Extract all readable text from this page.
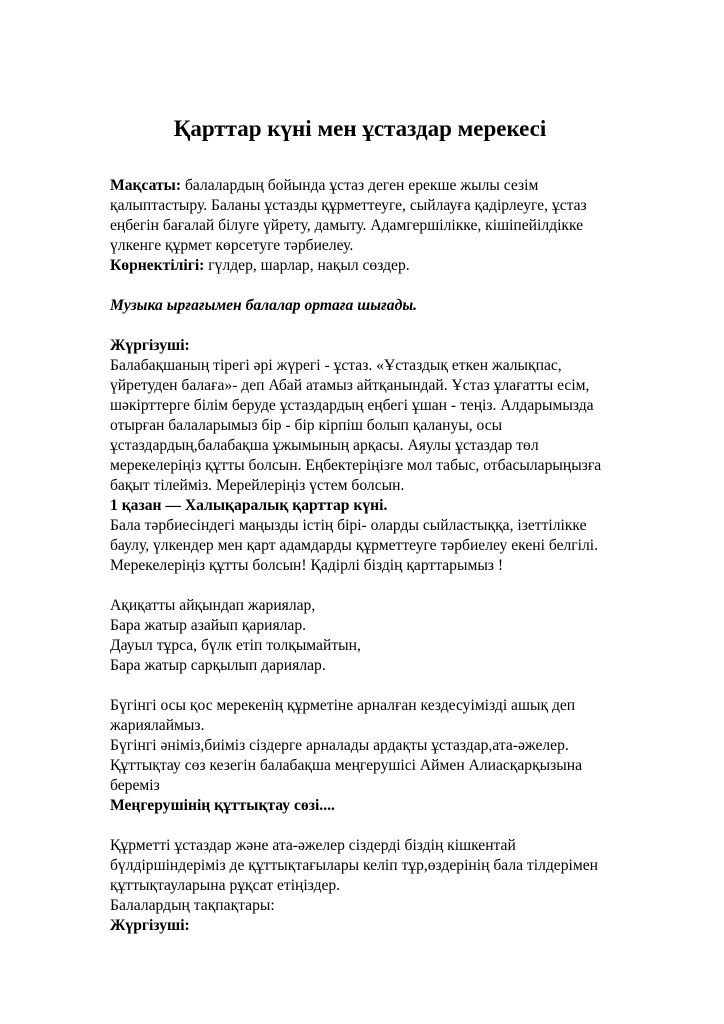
Қарттар күні мен ұстаздар мерекесі
Мақсаты: балалардың бойында ұстаз деген ерекше жылы сезім
қалыптастыру. Баланы ұстазды құрметтеуге, сыйлауға қадірлеуге, ұстаз
еңбегін бағалай білуге үйрету, дамыту. Адамгершілікке, кішіпейілдікке
үлкенге құрмет көрсетуге тәрбиелеу.
Көрнектілігі: гүлдер, шарлар, нақыл сөздер.
Музыка ырғағымен балалар ортаға шығады.
Жүргізуші:
Балабақшаның тірегі әрі жүрегі - ұстаз. «Ұстаздық еткен жалықпас,
үйретуден балаға»- деп Абай атамыз айтқанындай. Ұстаз ұлағатты есім,
шәкірттерге білім беруде ұстаздардың еңбегі ұшан - теңіз. Алдарымызда
отырған балаларымыз бір - бір кірпіш болып қалануы, осы
ұстаздардың,балабақша ұжымының арқасы. Аяулы ұстаздар төл
мерекелеріңіз құтты болсын. Еңбектеріңізге мол табыс, отбасыларыңызға
бақыт тілейміз. Мерейлеріңіз үстем болсын.
1 қазан — Халықаралық қарттар күні.
Бала тәрбиесіндегі маңызды істің бірі- оларды сыйластыққа, ізеттілікке
баулу, үлкендер мен қарт адамдарды құрметтеуге тәрбиелеу екені белгілі.
Мерекелеріңіз құтты болсын! Қадірлі біздің қарттарымыз !
Ақиқатты айқындап жариялар,
Бара жатыр азайып қариялар.
Дауыл тұрса, бүлк етіп толқымайтын,
Бара жатыр сарқылып дариялар.
Бүгінгі осы қос мерекенің құрметіне арналған кездесуімізді ашық деп
жариялаймыз.
Бүгінгі әніміз,биіміз сіздерге арналады ардақты ұстаздар,ата-әжелер.
Құттықтау сөз кезегін балабақша меңгерушісі Аймен Алиасқарқызына
береміз
Меңгерушінің құттықтау сөзі....
Құрметті ұстаздар және ата-әжелер сіздерді біздің кішкентай
бүлдіршіндеріміз де құттықтағылары келіп тұр,өздерінің бала тілдерімен
құттықтауларына рұқсат етіңіздер.
Балалардың тақпақтары:
Жүргізуші:
